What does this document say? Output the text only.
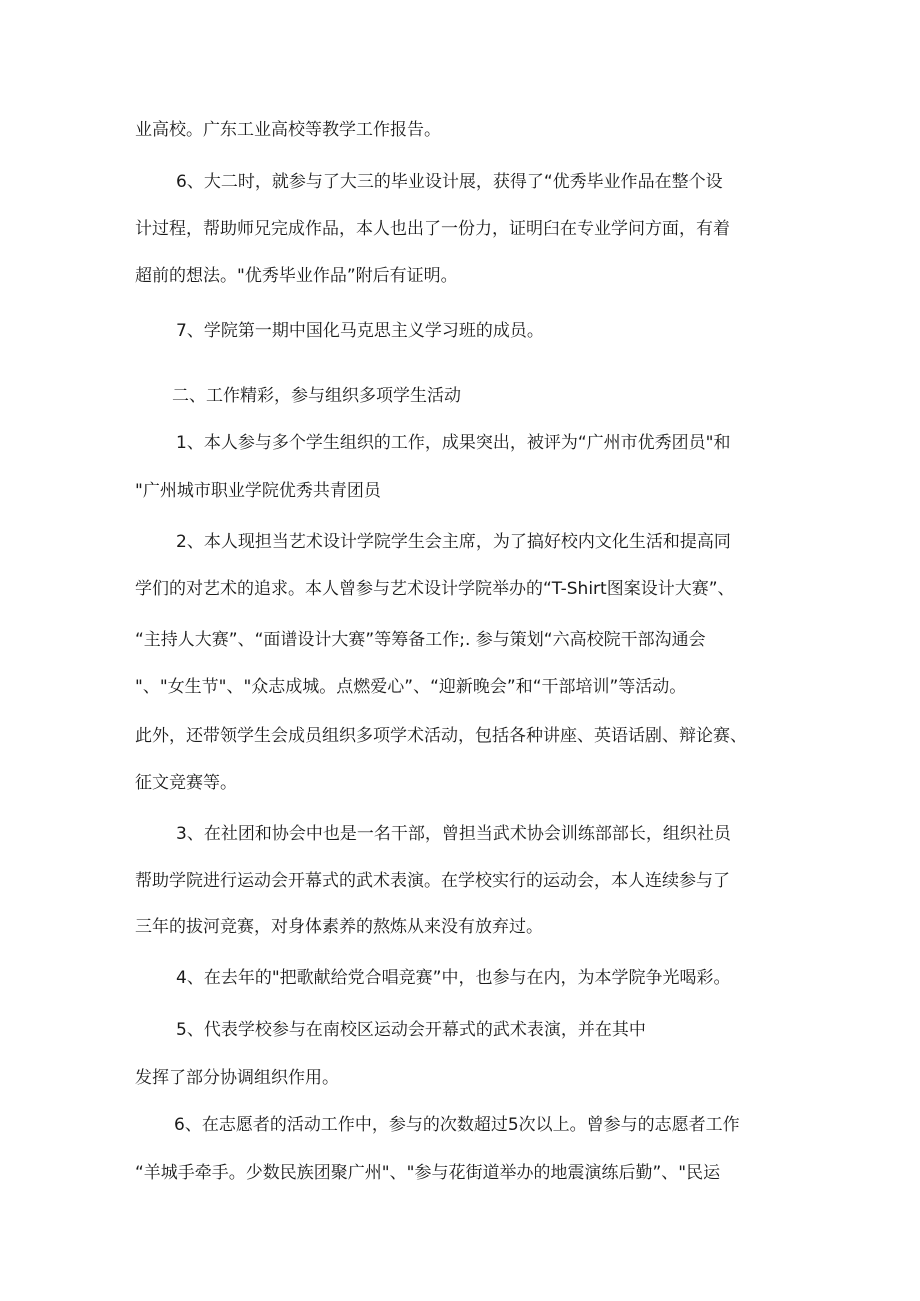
业高校。广东工业高校等教学工作报告。

6、大二时，就参与了大三的毕业设计展，获得了“优秀毕业作品在整个设

计过程，帮助师兄完成作品，本人也出了一份力，证明臼在专业学问方面，有着

超前的想法。"优秀毕业作品”附后有证明。

7、学院第一期中国化马克思主义学习班的成员。

二、工作精彩，参与组织多项学生活动

1、本人参与多个学生组织的工作，成果突出，被评为“广州市优秀团员"和

"广州城市职业学院优秀共青团员

2、本人现担当艺术设计学院学生会主席，为了搞好校内文化生活和提高同

学们的对艺术的追求。本人曾参与艺术设计学院举办的“T-Shirt图案设计大赛”、

“主持人大赛”、“面谱设计大赛”等筹备工作;. 参与策划“六高校院干部沟通会

"、"女生节"、"众志成城。点燃爱心”、“迎新晚会”和“干部培训”等活动。

此外，还带领学生会成员组织多项学术活动，包括各种讲座、英语话剧、辩论赛、

征文竞赛等。

3、在社团和协会中也是一名干部，曾担当武术协会训练部部长，组织社员

帮助学院进行运动会开幕式的武术表演。在学校实行的运动会，本人连续参与了

三年的拔河竞赛，对身体素养的熬炼从来没有放弃过。

4、在去年的"把歌献给党合唱竞赛”中，也参与在内，为本学院争光喝彩。

5、代表学校参与在南校区运动会开幕式的武术表演，并在其中

发挥了部分协调组织作用。

6、在志愿者的活动工作中，参与的次数超过5次以上。曾参与的志愿者工作

“羊城手牵手。少数民族团聚广州"、"参与花街道举办的地震演练后勤”、"民运
